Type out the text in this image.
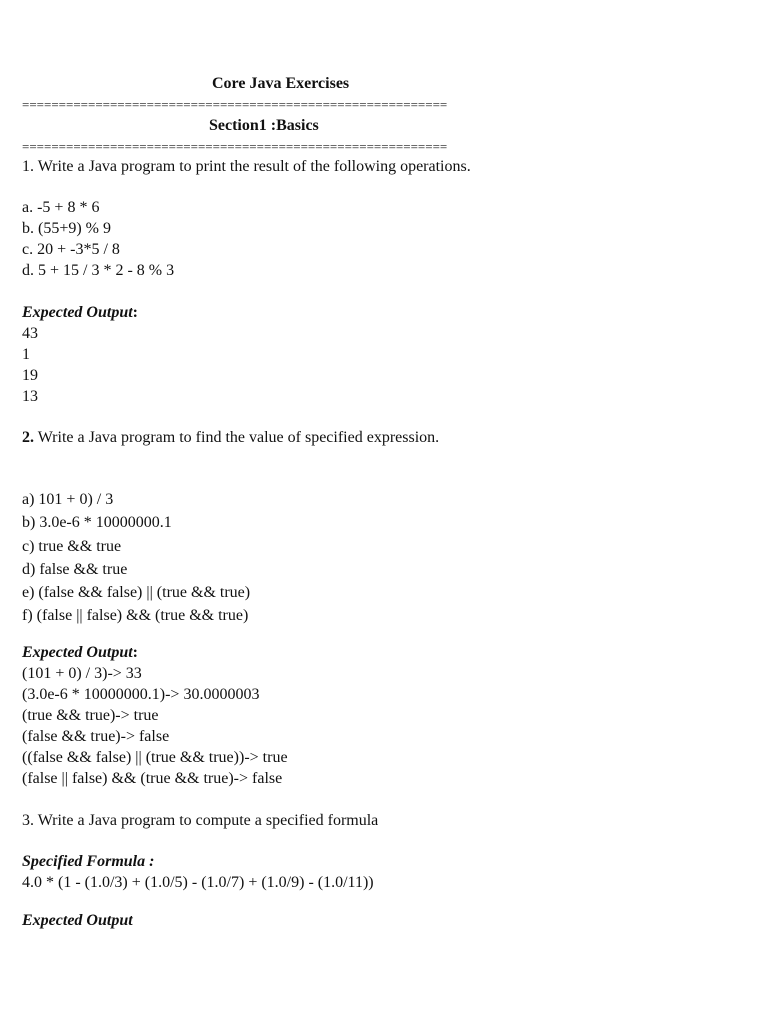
Core Java Exercises
==========================================================
Section1 :Basics
==========================================================
1. Write a Java program to print the result of the following operations.
a. -5 + 8 * 6
b. (55+9) % 9
c. 20 + -3*5 / 8
d. 5 + 15 / 3 * 2 - 8 % 3
Expected Output:
43
1
19
13
2. Write a Java program to find the value of specified expression.
a) 101 + 0) / 3
b) 3.0e-6 * 10000000.1
c) true && true
d) false && true
e) (false && false) || (true && true)
f) (false || false) && (true && true)
Expected Output:
(101 + 0) / 3)-> 33
(3.0e-6 * 10000000.1)-> 30.0000003
(true && true)-> true
(false && true)-> false
((false && false) || (true && true))-> true
(false || false) && (true && true)-> false
3. Write a Java program to compute a specified formula
Specified Formula :
4.0 * (1 - (1.0/3) + (1.0/5) - (1.0/7) + (1.0/9) - (1.0/11))
Expected Output
